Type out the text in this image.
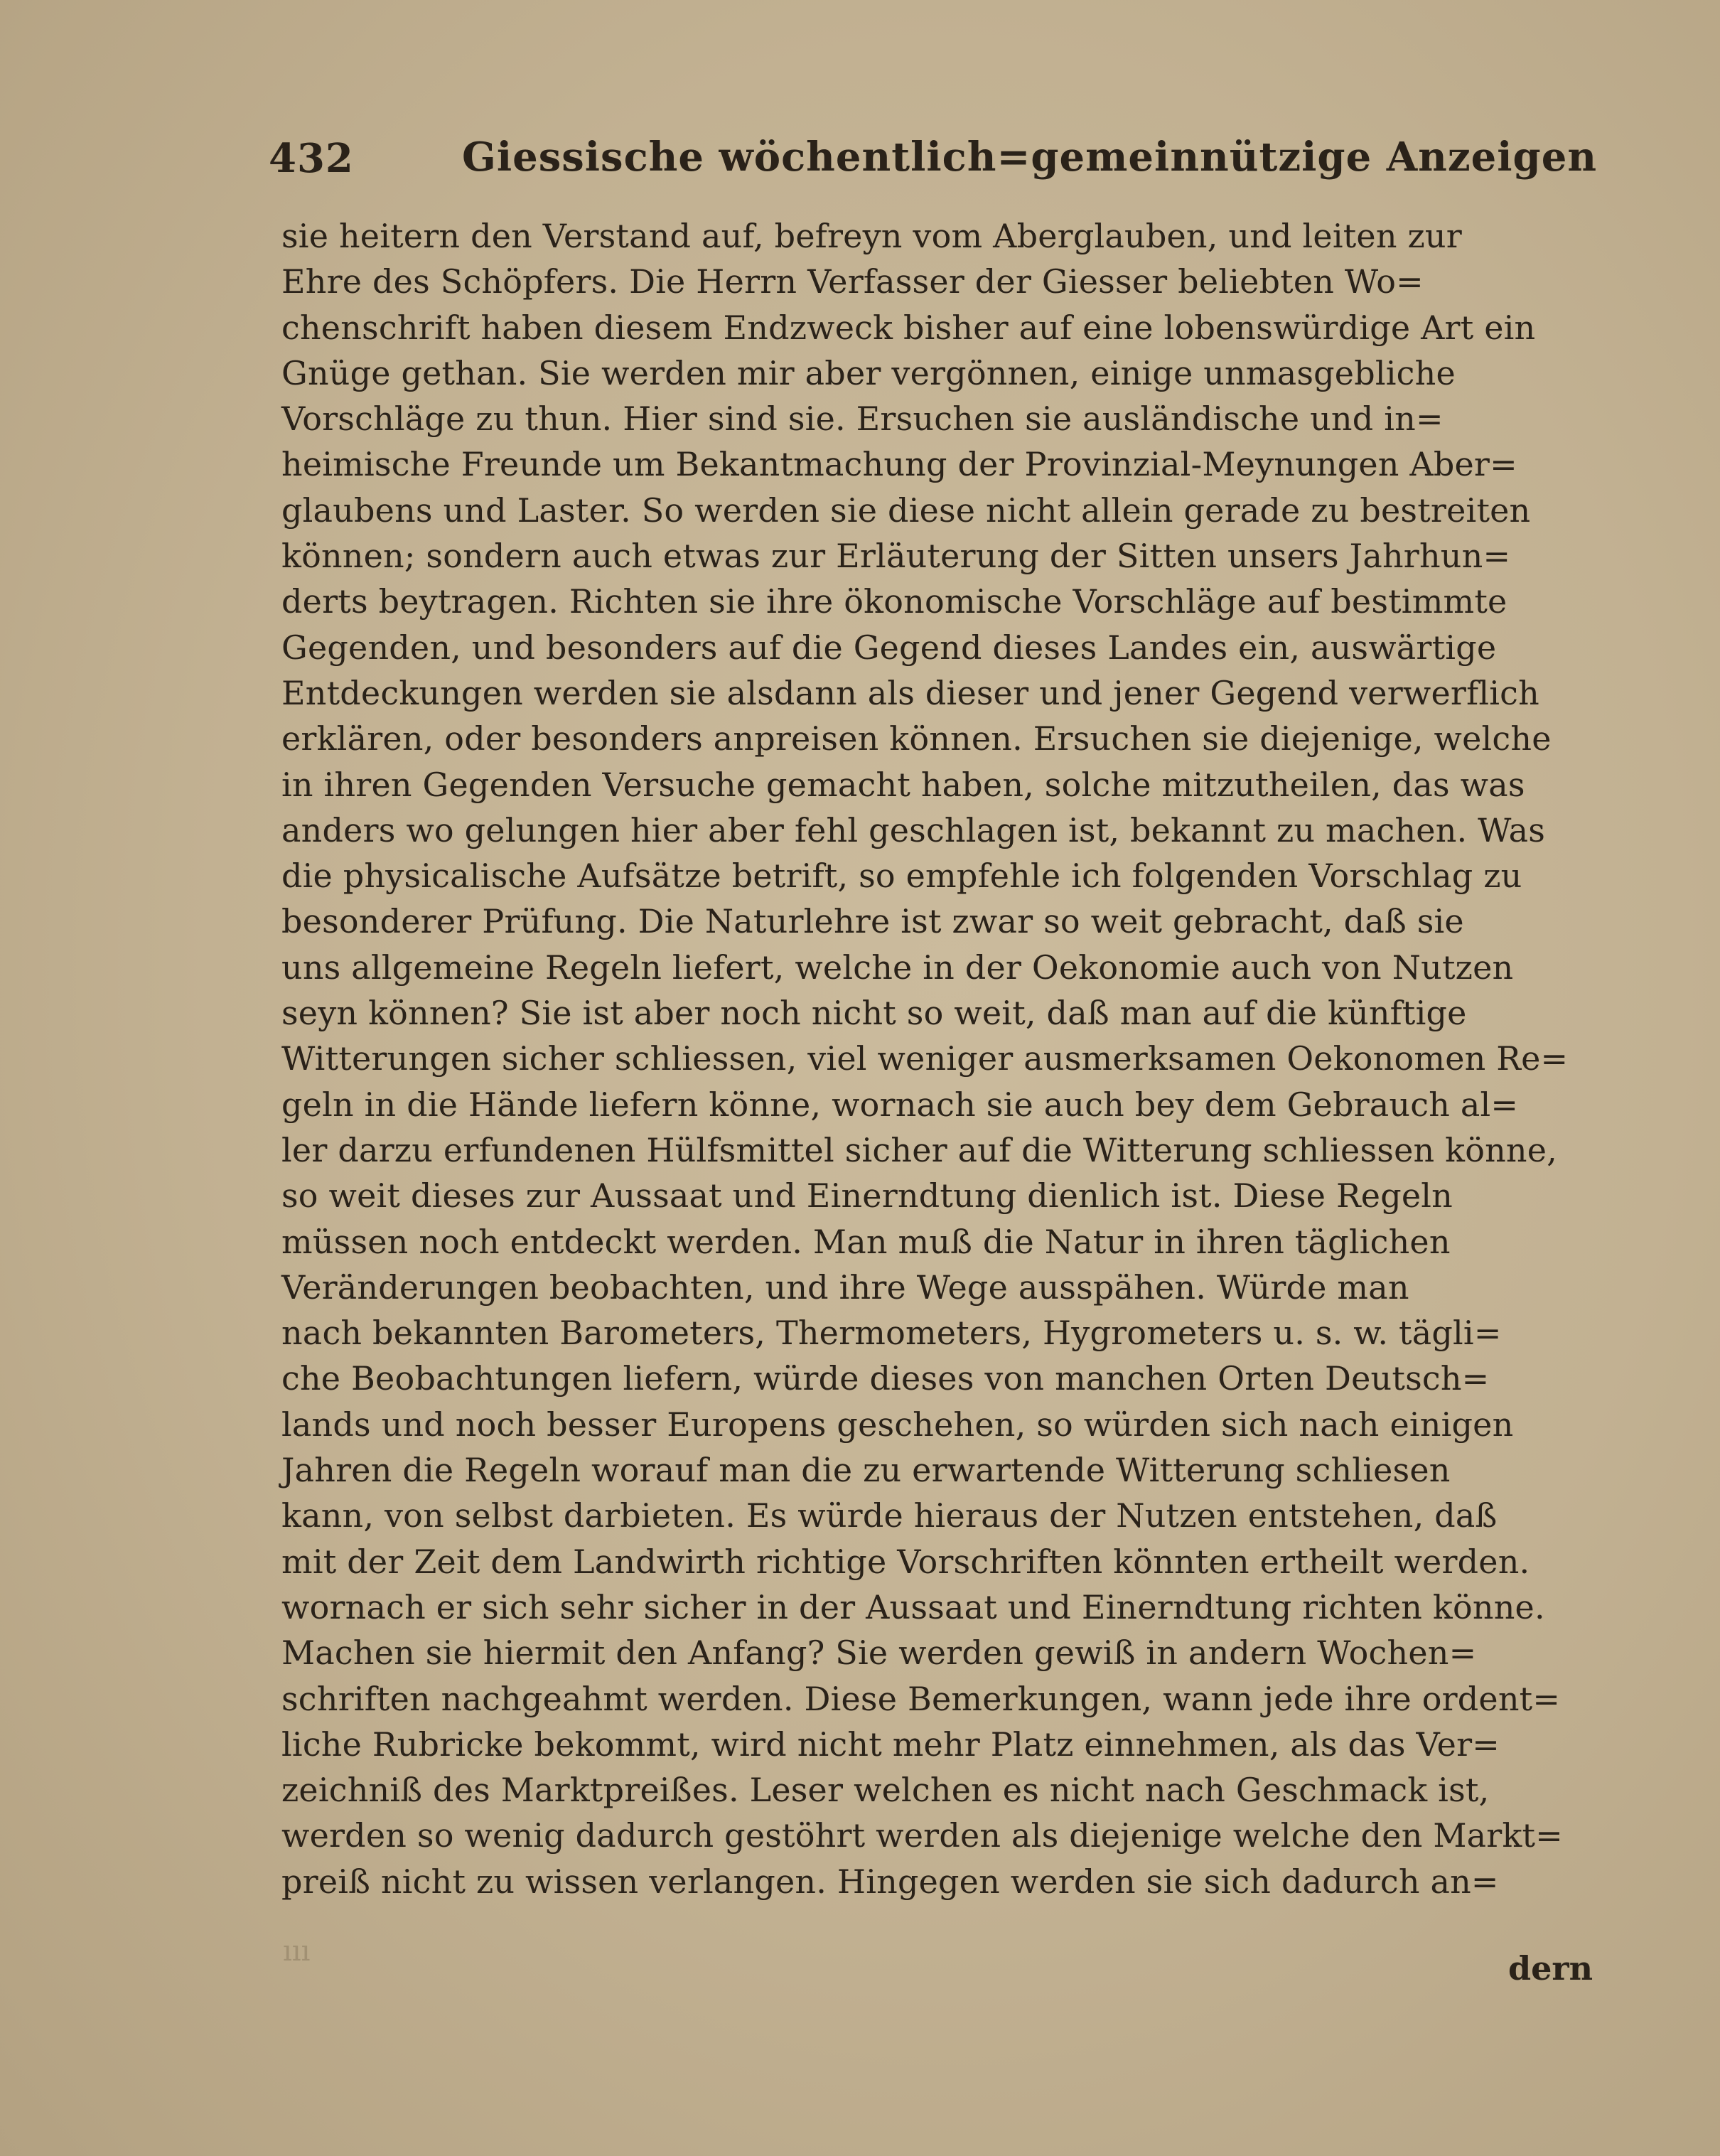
432	Giessische wöchentlich=gemeinnützige Anzeigen
sie heitern den Verstand auf, befreyn vom Aberglauben, und leiten zur
Ehre des Schöpfers. Die Herrn Verfasser der Giesser beliebten Wo=
chenschrift haben diesem Endzweck bisher auf eine lobenswürdige Art ein
Gnüge gethan. Sie werden mir aber vergönnen, einige unmasgebliche
Vorschläge zu thun. Hier sind sie. Ersuchen sie ausländische und in=
heimische Freunde um Bekantmachung der Provinzial-Meynungen Aber=
glaubens und Laster. So werden sie diese nicht allein gerade zu bestreiten
können; sondern auch etwas zur Erläuterung der Sitten unsers Jahrhun=
derts beytragen. Richten sie ihre ökonomische Vorschläge auf bestimmte
Gegenden, und besonders auf die Gegend dieses Landes ein, auswärtige
Entdeckungen werden sie alsdann als dieser und jener Gegend verwerflich
erklären, oder besonders anpreisen können. Ersuchen sie diejenige, welche
in ihren Gegenden Versuche gemacht haben, solche mitzutheilen, das was
anders wo gelungen hier aber fehl geschlagen ist, bekannt zu machen. Was
die physicalische Aufsätze betrift, so empfehle ich folgenden Vorschlag zu
besonderer Prüfung. Die Naturlehre ist zwar so weit gebracht, daß sie
uns allgemeine Regeln liefert, welche in der Oekonomie auch von Nutzen
seyn können? Sie ist aber noch nicht so weit, daß man auf die künftige
Witterungen sicher schliessen, viel weniger ausmerksamen Oekonomen Re=
geln in die Hände liefern könne, wornach sie auch bey dem Gebrauch al=
ler darzu erfundenen Hülfsmittel sicher auf die Witterung schliessen könne,
so weit dieses zur Aussaat und Einerndtung dienlich ist. Diese Regeln
müssen noch entdeckt werden. Man muß die Natur in ihren täglichen
Veränderungen beobachten, und ihre Wege ausspähen. Würde man
nach bekannten Barometers, Thermometers, Hygrometers u. s. w. tägli=
che Beobachtungen liefern, würde dieses von manchen Orten Deutsch=
lands und noch besser Europens geschehen, so würden sich nach einigen
Jahren die Regeln worauf man die zu erwartende Witterung schliesen
kann, von selbst darbieten. Es würde hieraus der Nutzen entstehen, daß
mit der Zeit dem Landwirth richtige Vorschriften könnten ertheilt werden.
wornach er sich sehr sicher in der Aussaat und Einerndtung richten könne.
Machen sie hiermit den Anfang? Sie werden gewiß in andern Wochen=
schriften nachgeahmt werden. Diese Bemerkungen, wann jede ihre ordent=
liche Rubricke bekommt, wird nicht mehr Platz einnehmen, als das Ver=
zeichniß des Marktpreißes. Leser welchen es nicht nach Geschmack ist,
werden so wenig dadurch gestöhrt werden als diejenige welche den Markt=
preiß nicht zu wissen verlangen. Hingegen werden sie sich dadurch an=
dern
ııı
